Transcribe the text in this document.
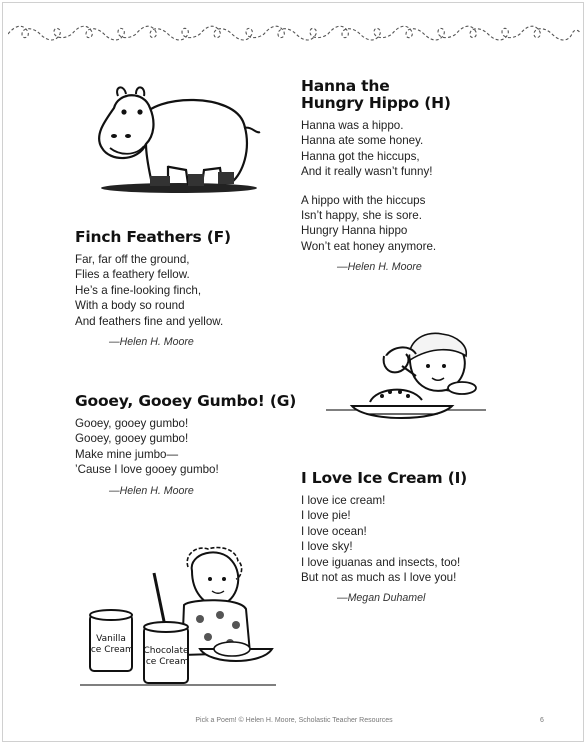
Finch Feathers (F)
Far, far off the ground,
Flies a feathery fellow.
He’s a fine-looking finch,
With a body so round
And feathers fine and yellow.
—Helen H. Moore
Hanna the
Hungry Hippo (H)
Hanna was a hippo.
Hanna ate some honey.
Hanna got the hiccups,
And it really wasn’t funny!
A hippo with the hiccups
Isn’t happy, she is sore.
Hungry Hanna hippo
Won’t eat honey anymore.
—Helen H. Moore
Gooey, Gooey Gumbo! (G)
Gooey, gooey gumbo!
Gooey, gooey gumbo!
Make mine jumbo—
’Cause I love gooey gumbo!
—Helen H. Moore
I Love Ice Cream (I)
I love ice cream!
I love pie!
I love ocean!
I love sky!
I love iguanas and insects, too!
But not as much as I love you!
—Megan Duhamel
Vanilla
Ice Cream Chocolate
Ice Cream
Pick a Poem! © Helen H. Moore, Scholastic Teacher Resources	6
